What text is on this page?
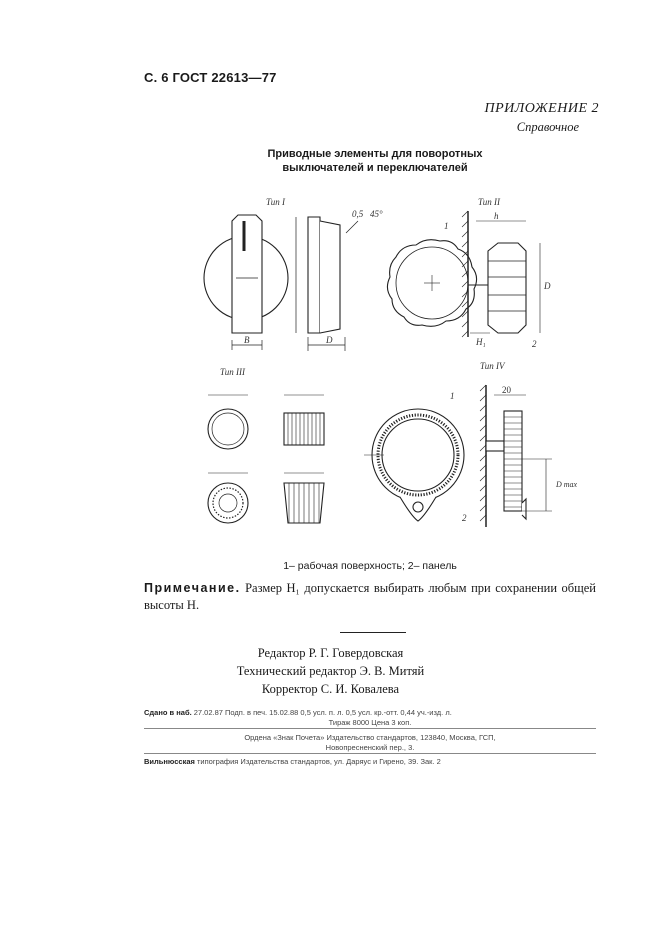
С. 6 ГОСТ 22613—77
ПРИЛОЖЕНИЕ 2
Справочное
Приводные элементы для поворотных
выключателей и переключателей
Тип I
B	D
0,5 45°
Тип II
h
D
H₁
1
2
Тип III
Тип IV
20
D max
1
2
1– рабочая поверхность; 2– панель
Примечание. Размер H₁ допускается выбирать любым при сохранении общей высоты H.
Редактор Р. Г. Говердовская
Технический редактор Э. В. Митяй
Корректор С. И. Ковалева
Сдано в наб. 27.02.87 Подп. в печ. 15.02.88 0,5 усл. п. л. 0,5 усл. кр.-отт. 0,44 уч.-изд. л.
Тираж 8000 Цена 3 коп.
Ордена «Знак Почета» Издательство стандартов, 123840, Москва, ГСП,
Новопресненский пер., 3.
Вильнюсская типография Издательства стандартов, ул. Даряус и Гирено, 39. Зак. 2
